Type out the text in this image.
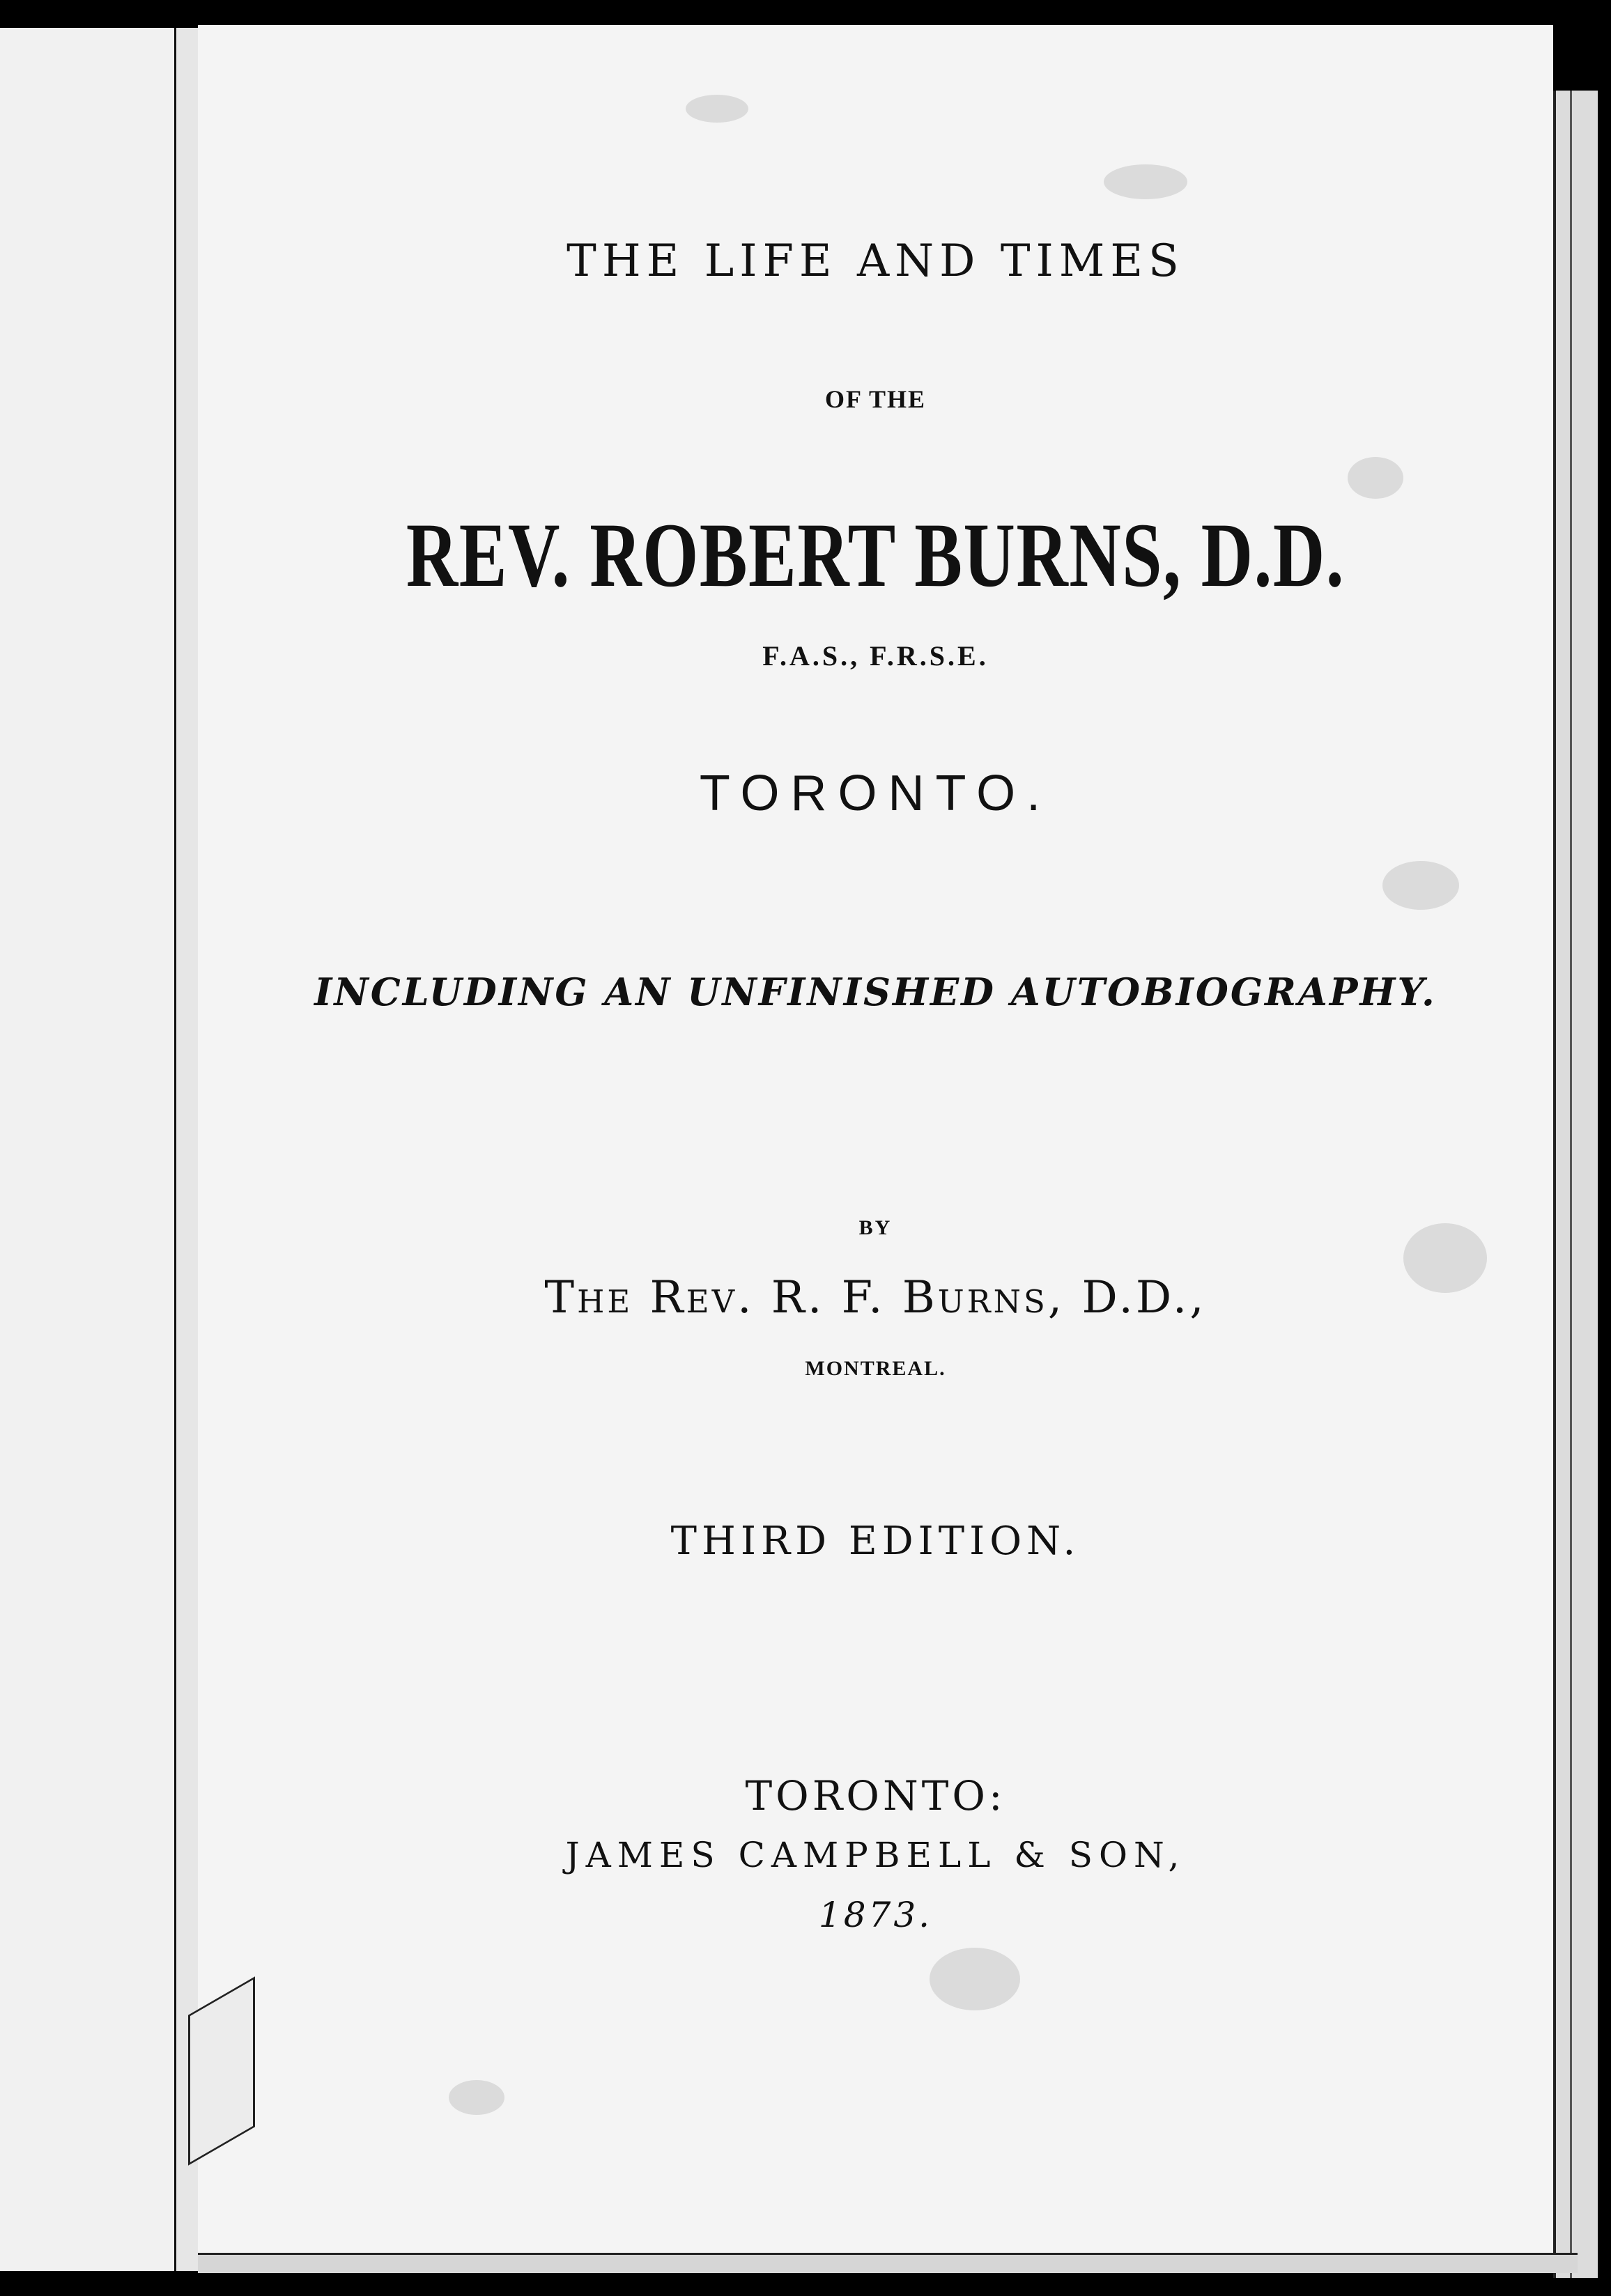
THE LIFE AND TIMES

OF THE

REV. ROBERT BURNS, D.D.

F.A.S., F.R.S.E.

TORONTO.

INCLUDING AN UNFINISHED AUTOBIOGRAPHY.

BY

The Rev. R. F. Burns, D.D.,

MONTREAL.

THIRD EDITION.

TORONTO:

JAMES CAMPBELL & SON,

1873.
